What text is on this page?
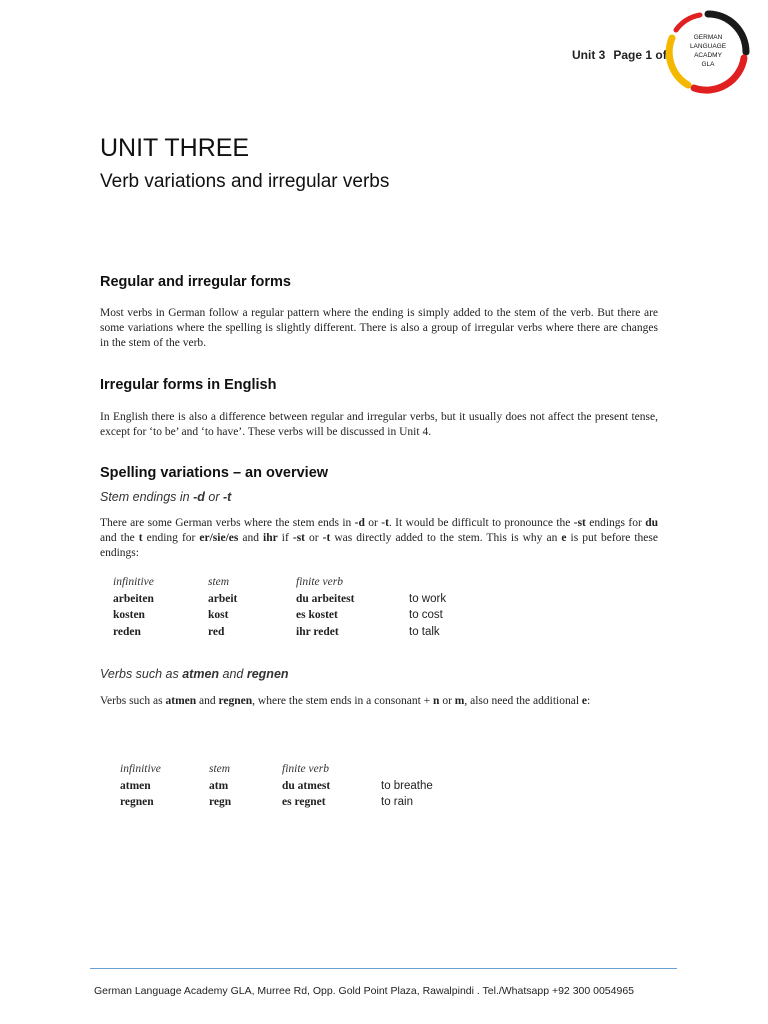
Unit 3 Page 1 of
GERMAN
LANGUAGE
ACADMY
GLA
UNIT THREE
Verb variations and irregular verbs
Regular and irregular forms
Most verbs in German follow a regular pattern where the ending is simply added to the stem of the verb. But there are some variations where the spelling is slightly different. There is also a group of irregular verbs where there are changes in the stem of the verb.
Irregular forms in English
In English there is also a difference between regular and irregular verbs, but it usually does not affect the present tense, except for ‘to be’ and ‘to have’. These verbs will be discussed in Unit 4.
Spelling variations – an overview
Stem endings in -d or -t
There are some German verbs where the stem ends in -d or -t. It would be difficult to pronounce the -st endings for du and the t ending for er/sie/es and ihr if -st or -t was directly added to the stem. This is why an e is put before these endings:
infinitive	stem	finite verb
arbeiten	arbeit	du arbeitest	to work
kosten	kost	es kostet	to cost
reden	red	ihr redet	to talk
Verbs such as atmen and regnen
Verbs such as atmen and regnen, where the stem ends in a consonant + n or m, also need the additional e:
infinitive	stem	finite verb
atmen	atm	du atmest	to breathe
regnen	regn	es regnet	to rain
German Language Academy GLA, Murree Rd, Opp. Gold Point Plaza, Rawalpindi . Tel./Whatsapp +92 300 0054965
